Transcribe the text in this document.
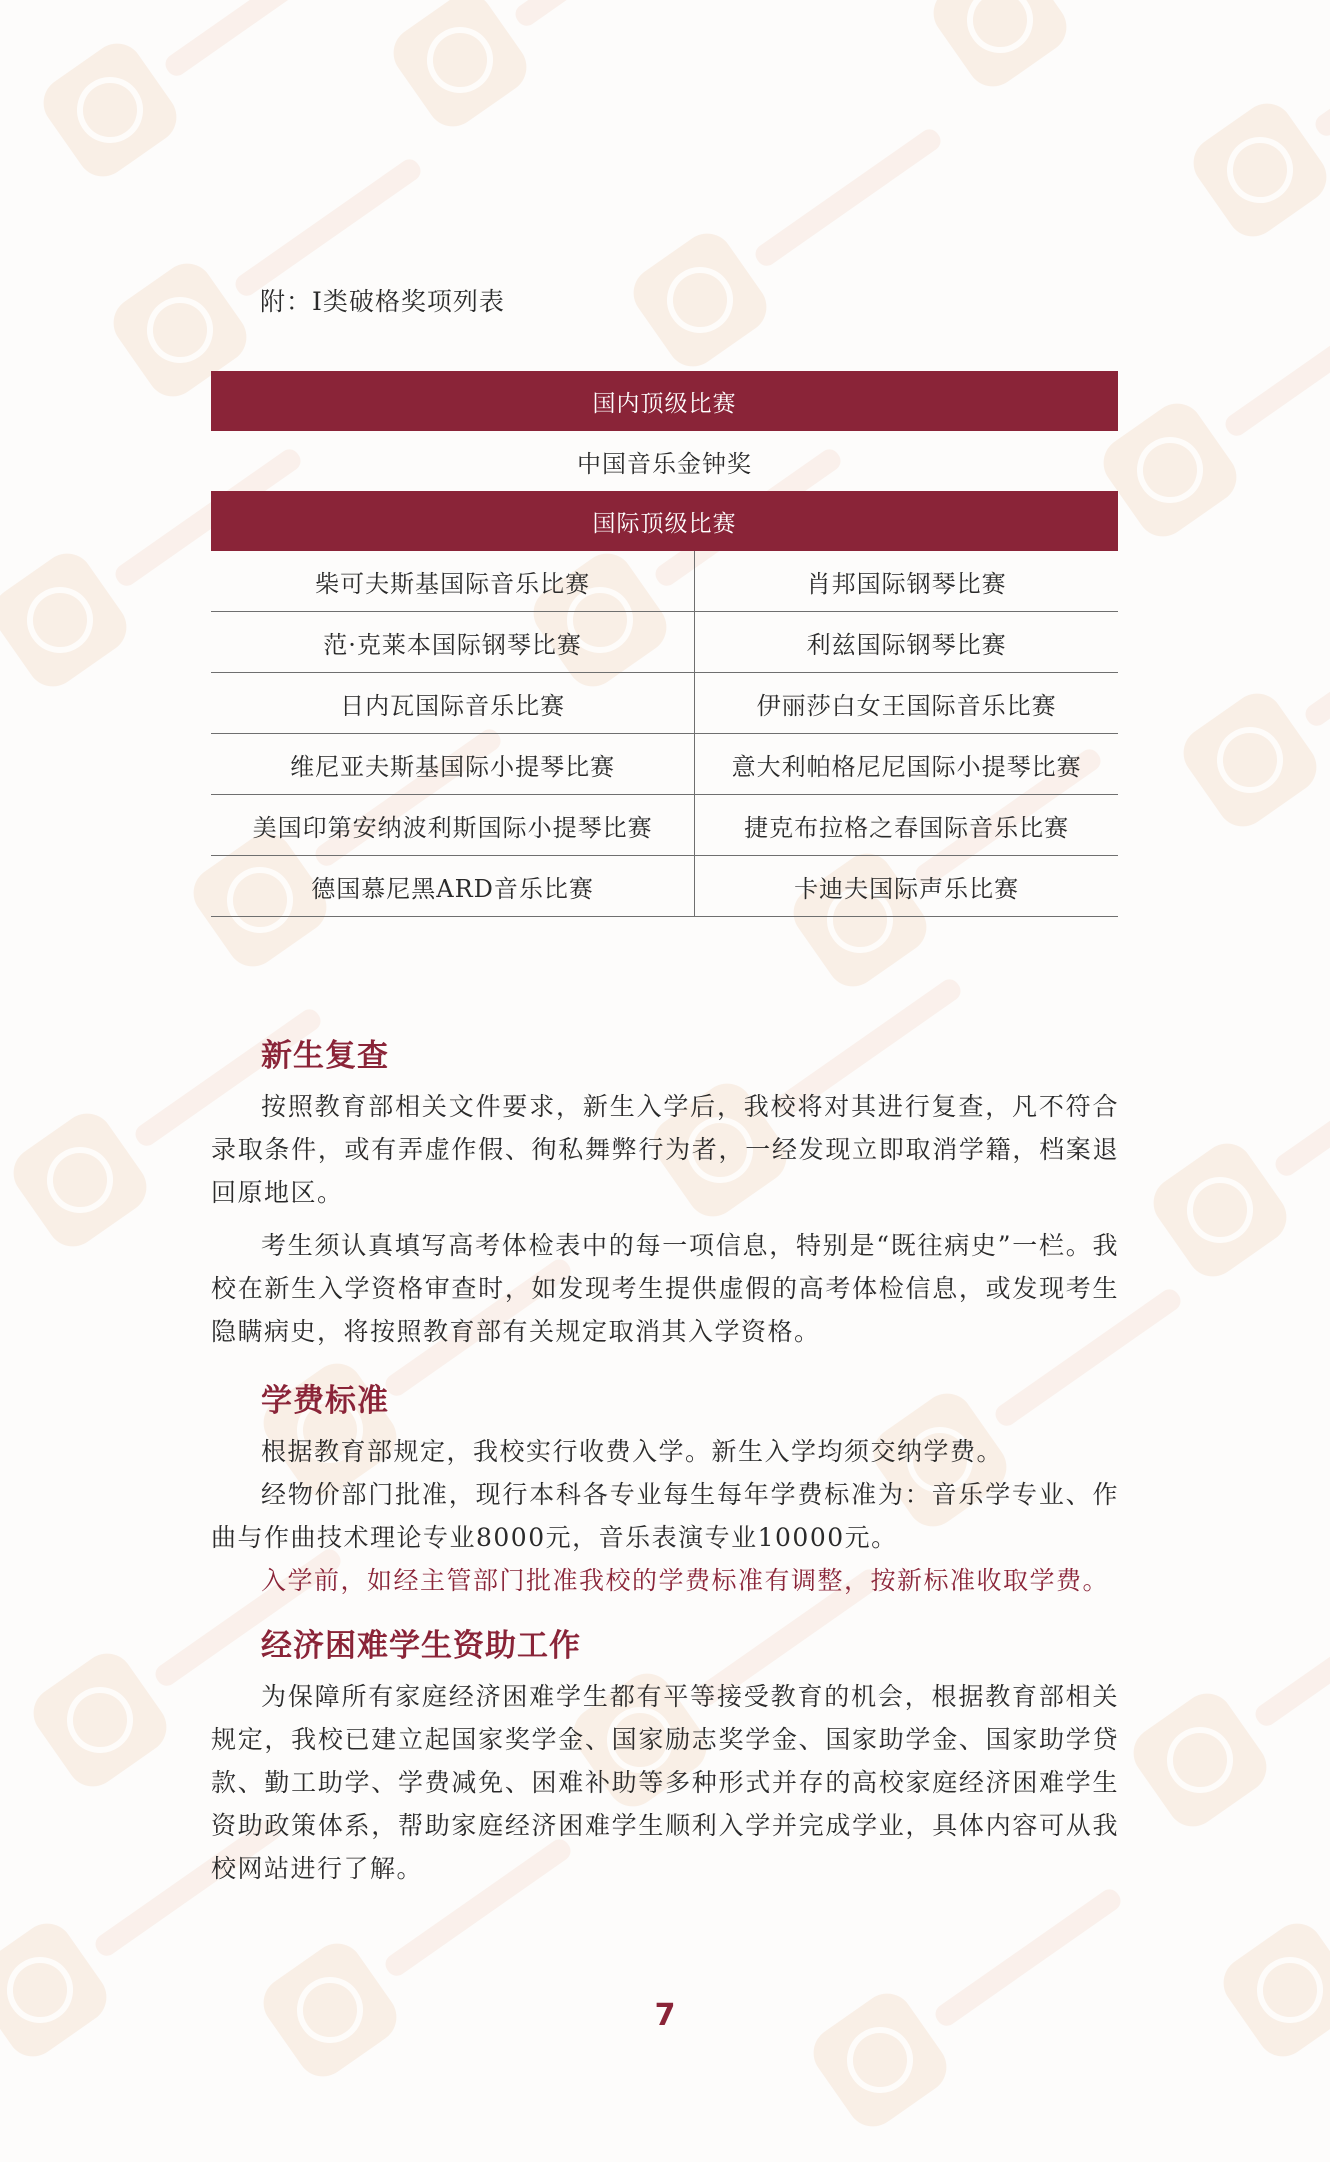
附：I类破格奖项列表
国内顶级比赛	
中国音乐金钟奖	
国际顶级比赛	
柴可夫斯基国际音乐比赛	肖邦国际钢琴比赛
范·克莱本国际钢琴比赛	利兹国际钢琴比赛
日内瓦国际音乐比赛	伊丽莎白女王国际音乐比赛
维尼亚夫斯基国际小提琴比赛	意大利帕格尼尼国际小提琴比赛
美国印第安纳波利斯国际小提琴比赛	捷克布拉格之春国际音乐比赛
德国慕尼黑ARD音乐比赛	卡迪夫国际声乐比赛
新生复查

按照教育部相关文件要求，新生入学后，我校将对其进行复查，凡不符合录取条件，或有弄虚作假、徇私舞弊行为者，一经发现立即取消学籍，档案退回原地区。

考生须认真填写高考体检表中的每一项信息，特别是“既往病史”一栏。我校在新生入学资格审查时，如发现考生提供虚假的高考体检信息，或发现考生隐瞒病史，将按照教育部有关规定取消其入学资格。

学费标准

根据教育部规定，我校实行收费入学。新生入学均须交纳学费。

经物价部门批准，现行本科各专业每生每年学费标准为：音乐学专业、作曲与作曲技术理论专业8000元，音乐表演专业10000元。

入学前，如经主管部门批准我校的学费标准有调整，按新标准收取学费。

经济困难学生资助工作

为保障所有家庭经济困难学生都有平等接受教育的机会，根据教育部相关规定，我校已建立起国家奖学金、国家励志奖学金、国家助学金、国家助学贷款、勤工助学、学费减免、困难补助等多种形式并存的高校家庭经济困难学生资助政策体系，帮助家庭经济困难学生顺利入学并完成学业，具体内容可从我校网站进行了解。

7
